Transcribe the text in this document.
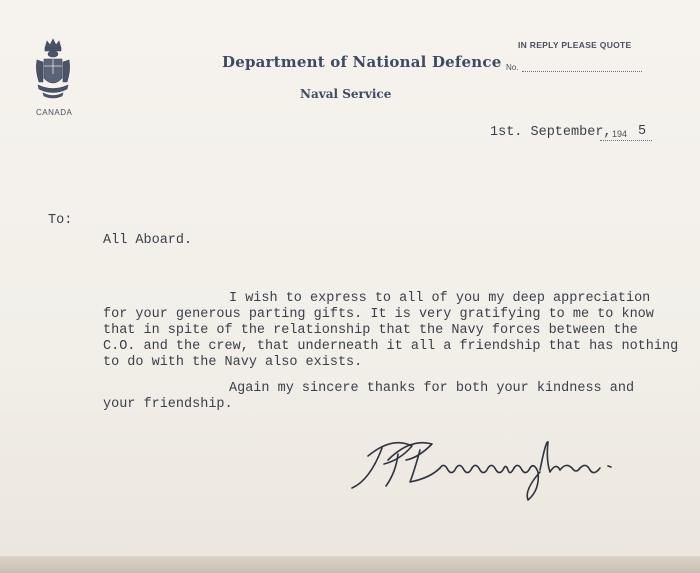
CANADA
Department of National Defence
Naval Service
IN REPLY PLEASE QUOTE
No.
1st. September, 194 5
To:
All Aboard.
I wish to express to all of you my deep appreciation
for your generous parting gifts. It is very gratifying to me to know
that in spite of the relationship that the Navy forces between the
C.O. and the crew, that underneath it all a friendship that has nothing
to do with the Navy also exists.
Again my sincere thanks for both your kindness and
your friendship.
